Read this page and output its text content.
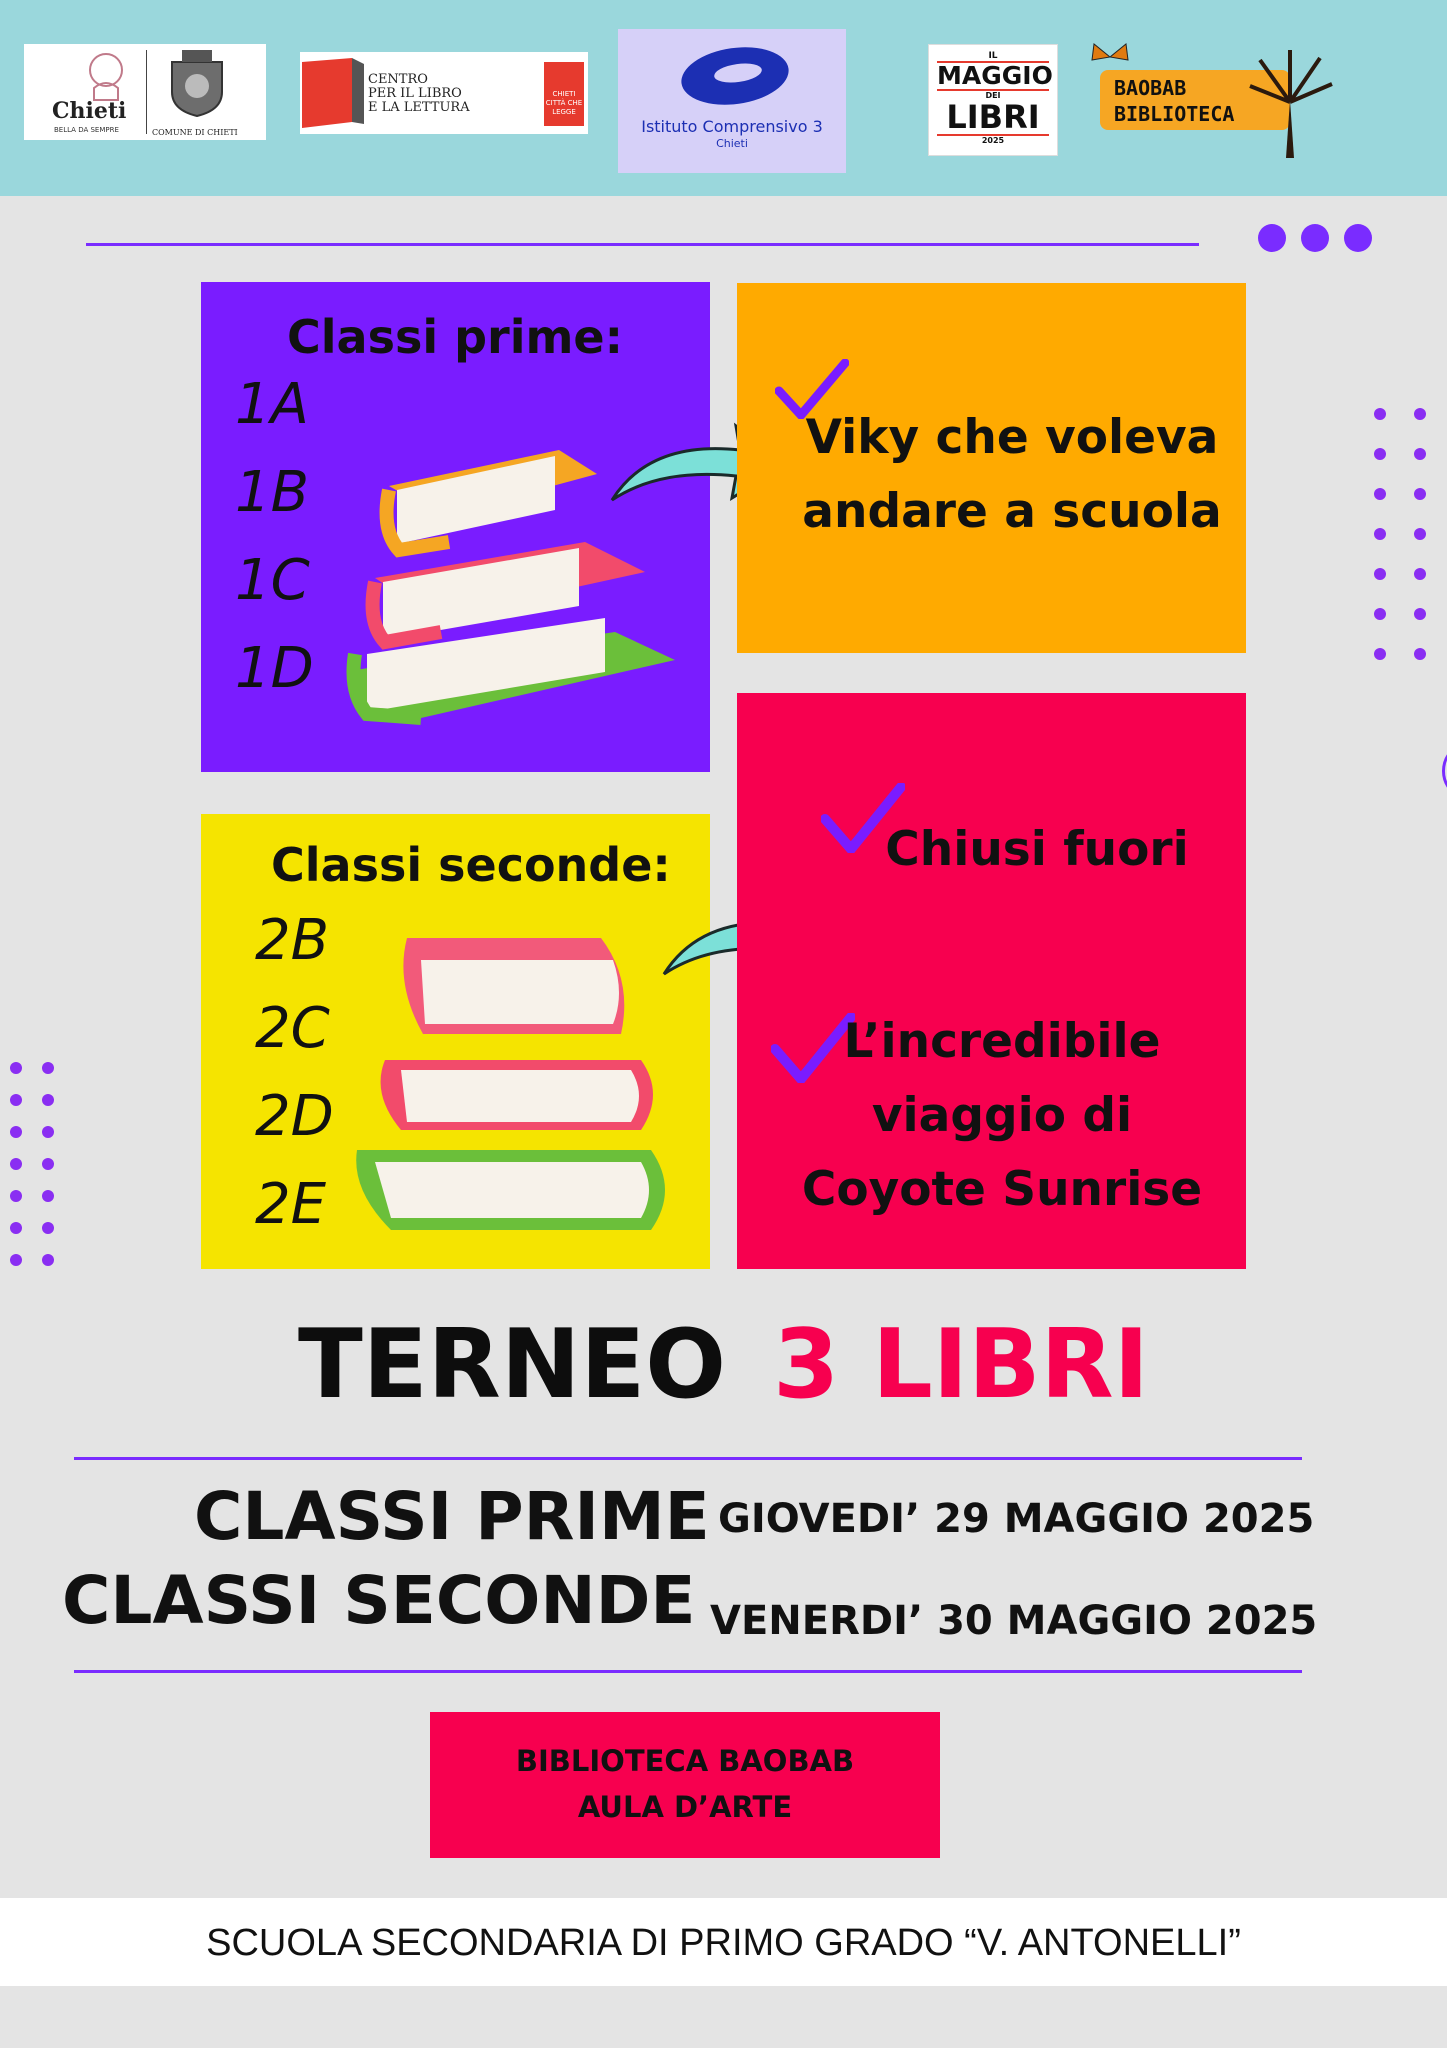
Chieti
BELLA DA SEMPRE	COMUNE DI CHIETI
CENTRO
PER IL LIBRO
E LA LETTURA
CHIETI CITTÀ CHE LEGGE
Istituto Comprensivo 3
Chieti
IL
MAGGIO
DEI
LIBRI
2025
BAOBAB
BIBLIOTECA
Classi prime:
1A
1B
1C
1D
Classi seconde:
2B
2C
2D
2E
Viky che voleva
andare a scuola
Chiusi fuori
L’incredibile
viaggio di
Coyote Sunrise
TERNEO 3 LIBRI
CLASSI PRIME GIOVEDI’ 29 MAGGIO 2025
CLASSI SECONDE VENERDI’ 30 MAGGIO 2025
BIBLIOTECA BAOBAB
AULA D’ARTE
SCUOLA SECONDARIA DI PRIMO GRADO “V. ANTONELLI”
